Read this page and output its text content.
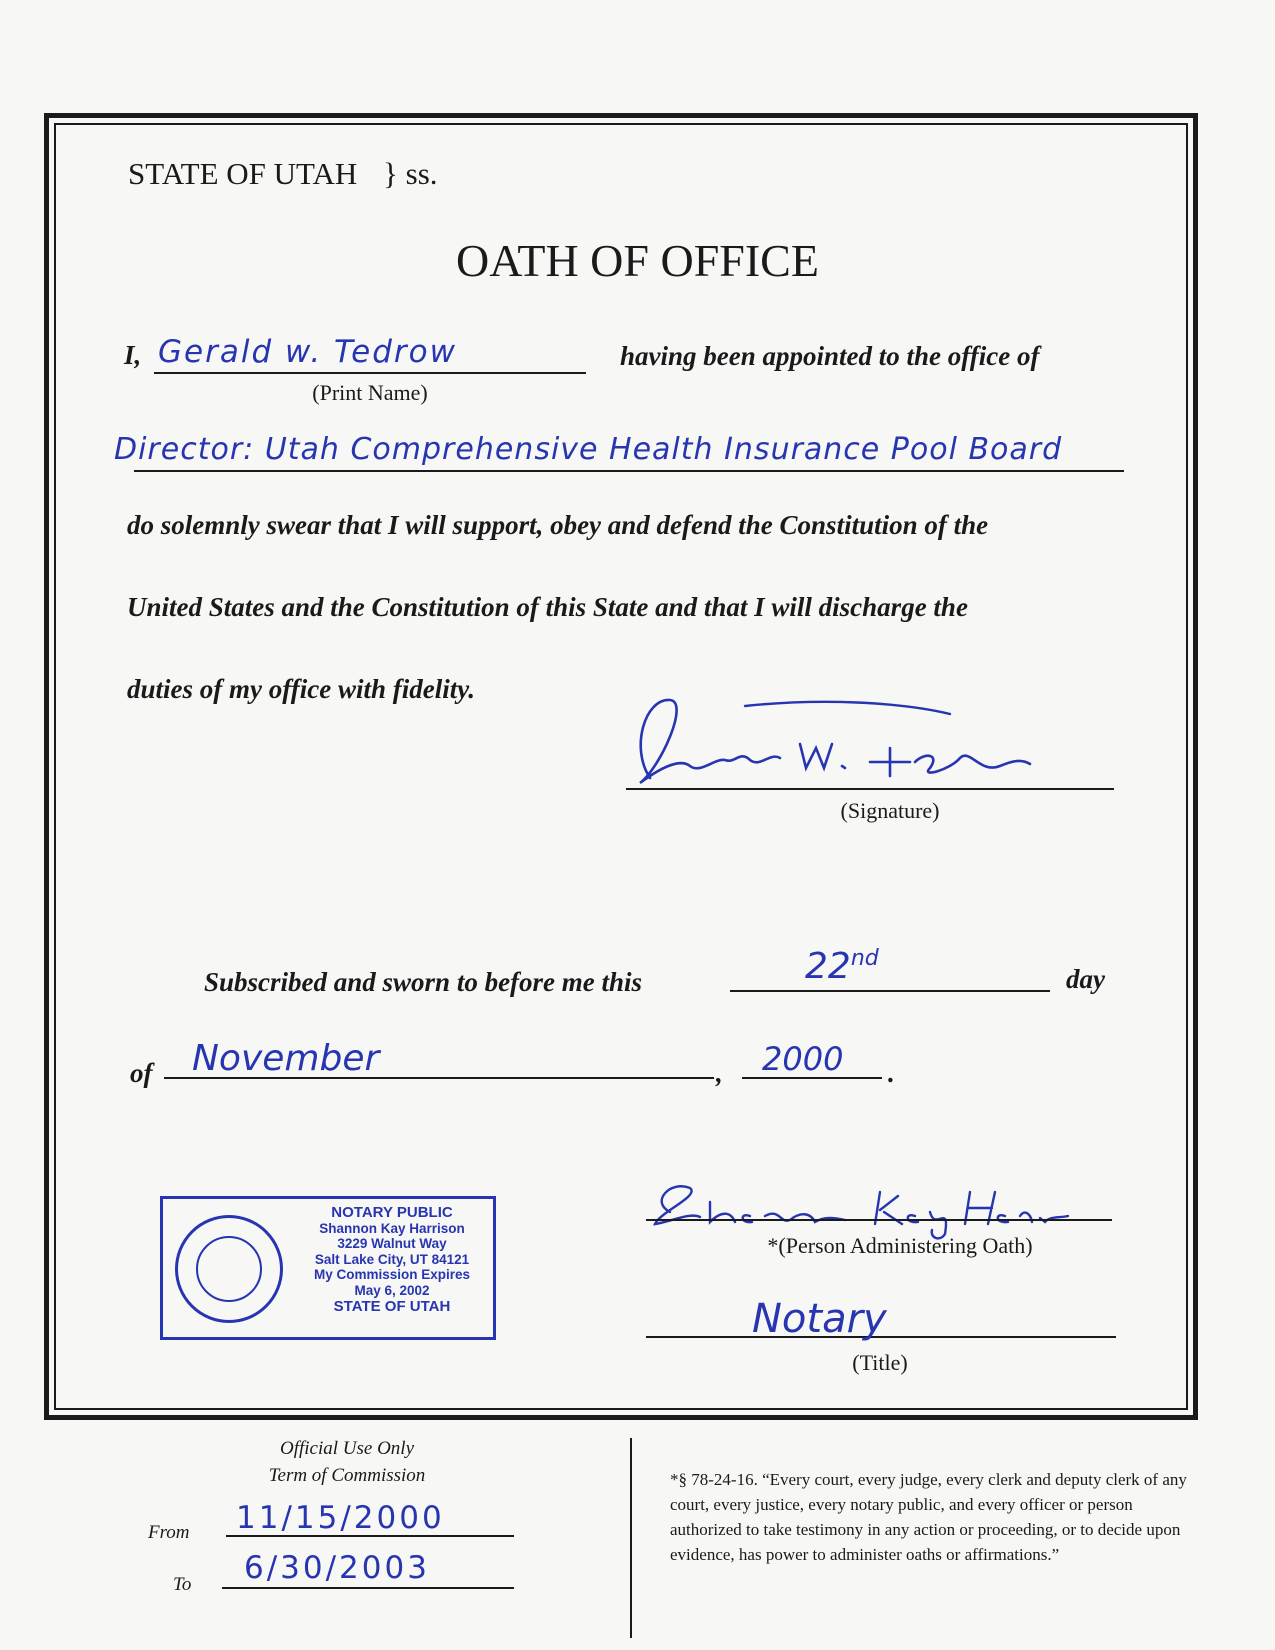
STATE OF UTAH } ss.
OATH OF OFFICE
I, Gerald w. Tedrow
(Print Name)
having been appointed to the office of
Director: Utah Comprehensive Health Insurance Pool Board
do solemnly swear that I will support, obey and defend the Constitution of the
United States and the Constitution of this State and that I will discharge the
duties of my office with fidelity.
(Signature)
Subscribed and sworn to before me this	22nd
day
of November	, 2000 .
NOTARY PUBLIC
Shannon Kay Harrison
3229 Walnut Way
Salt Lake City, UT 84121
My Commission Expires
May 6, 2002
STATE OF UTAH
*(Person Administering Oath)
Notary
(Title)
Official Use Only
Term of Commission
From 11/15/2000
To 6/30/2003
*§ 78-24-16. “Every court, every judge, every clerk and deputy clerk of any court, every justice, every notary public, and every officer or person authorized to take testimony in any action or proceeding, or to decide upon evidence, has power to administer oaths or affirmations.”
